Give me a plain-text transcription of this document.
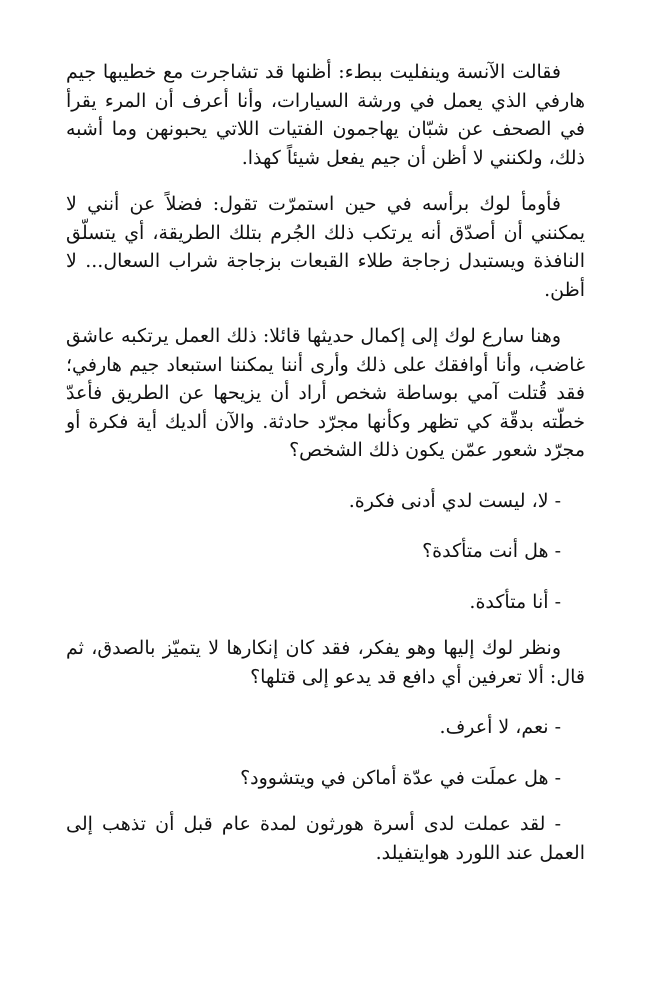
فقالت الآنسة وينفليت ببطء: أظنها قد تشاجرت مع خطيبها جيم هارفي الذي يعمل في ورشة السيارات، وأنا أعرف أن المرء يقرأ في الصحف عن شبّان يهاجمون الفتيات اللاتي يحبونهن وما أشبه ذلك، ولكنني لا أظن أن جيم يفعل شيئاً كهذا.

فأومأ لوك برأسه في حين استمرّت تقول: فضلاً عن أنني لا يمكنني أن أصدّق أنه يرتكب ذلك الجُرم بتلك الطريقة، أي يتسلّق النافذة ويستبدل زجاجة طلاء القبعات بزجاجة شراب السعال... لا أظن.

وهنا سارع لوك إلى إكمال حديثها قائلا: ذلك العمل يرتكبه عاشق غاضب، وأنا أوافقك على ذلك وأرى أننا يمكننا استبعاد جيم هارفي؛ فقد قُتلت آمي بوساطة شخص أراد أن يزيحها عن الطريق فأعدّ خطّته بدقّة كي تظهر وكأنها مجرّد حادثة. والآن ألديك أية فكرة أو مجرّد شعور عمّن يكون ذلك الشخص؟

- لا، ليست لدي أدنى فكرة.

- هل أنت متأكدة؟

- أنا متأكدة.

ونظر لوك إليها وهو يفكر، فقد كان إنكارها لا يتميّز بالصدق، ثم قال: ألا تعرفين أي دافع قد يدعو إلى قتلها؟

- نعم، لا أعرف.

- هل عملَت في عدّة أماكن في ويتشوود؟

- لقد عملت لدى أسرة هورثون لمدة عام قبل أن تذهب إلى العمل عند اللورد هوايتفيلد.
